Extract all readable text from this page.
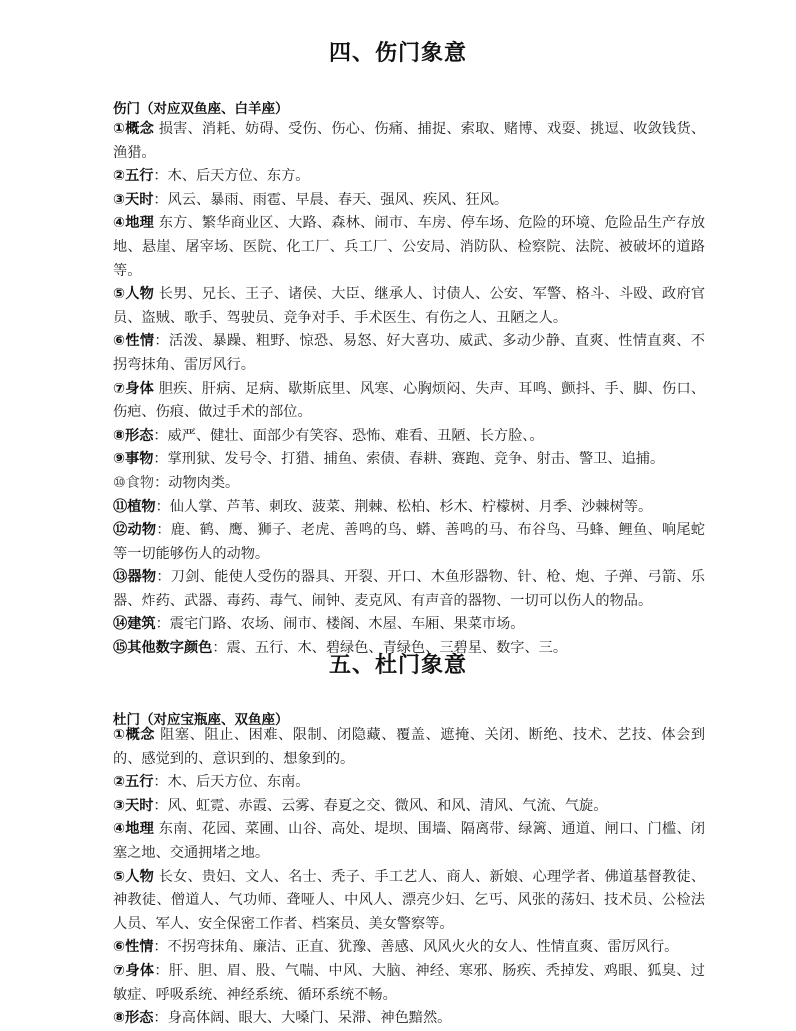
四、伤门象意
伤门（对应双鱼座、白羊座）
①概念 损害、消耗、妨碍、受伤、伤心、伤痛、捕捉、索取、赌博、戏耍、挑逗、收敛钱货、渔猎。
②五行：木、后天方位、东方。
③天时：风云、暴雨、雨雹、早晨、春天、强风、疾风、狂风。
④地理 东方、繁华商业区、大路、森林、闹市、车房、停车场、危险的环境、危险品生产存放地、悬崖、屠宰场、医院、化工厂、兵工厂、公安局、消防队、检察院、法院、被破坏的道路等。
⑤人物 长男、兄长、王子、诸侯、大臣、继承人、讨债人、公安、军警、格斗、斗殴、政府官员、盗贼、歌手、驾驶员、竞争对手、手术医生、有伤之人、丑陋之人。
⑥性情：活泼、暴躁、粗野、惊恐、易怒、好大喜功、威武、多动少静、直爽、性情直爽、不拐弯抹角、雷厉风行。
⑦身体 胆疾、肝病、足病、歇斯底里、风寒、心胸烦闷、失声、耳鸣、颤抖、手、脚、伤口、伤疤、伤痕、做过手术的部位。
⑧形态：威严、健壮、面部少有笑容、恐怖、难看、丑陋、长方脸、。
⑨事物：掌刑狱、发号令、打猎、捕鱼、索债、春耕、赛跑、竞争、射击、警卫、追捕。
⑩食物：动物肉类。
⑪植物：仙人掌、芦苇、刺玫、菠菜、荆棘、松柏、杉木、柠檬树、月季、沙棘树等。
⑫动物：鹿、鹤、鹰、狮子、老虎、善鸣的鸟、蟒、善鸣的马、布谷鸟、马蜂、鲤鱼、响尾蛇等一切能够伤人的动物。
⑬器物：刀剑、能使人受伤的器具、开裂、开口、木鱼形器物、针、枪、炮、子弹、弓箭、乐器、炸药、武器、毒药、毒气、闹钟、麦克风、有声音的器物、一切可以伤人的物品。
⑭建筑：震宅门路、农场、闹市、楼阁、木屋、车厢、果菜市场。
⑮其他数字颜色：震、五行、木、碧绿色、青绿色、三碧星、数字、三。
五、杜门象意
杜门（对应宝瓶座、双鱼座）
①概念 阻塞、阻止、困难、限制、闭隐藏、覆盖、遮掩、关闭、断绝、技术、艺技、体会到的、感觉到的、意识到的、想象到的。
②五行：木、后天方位、东南。
③天时：风、虹霓、赤霞、云雾、春夏之交、微风、和风、清风、气流、气旋。
④地理 东南、花园、菜圃、山谷、高处、堤坝、围墙、隔离带、绿篱、通道、闸口、门槛、闭塞之地、交通拥堵之地。
⑤人物 长女、贵妇、文人、名士、秃子、手工艺人、商人、新娘、心理学者、佛道基督教徒、神教徒、僧道人、气功师、聋哑人、中风人、漂亮少妇、乞丐、风张的荡妇、技术员、公检法人员、军人、安全保密工作者、档案员、美女警察等。
⑥性情：不拐弯抹角、廉洁、正直、犹豫、善感、风风火火的女人、性情直爽、雷厉风行。
⑦身体：肝、胆、眉、股、气喘、中风、大脑、神经、寒邪、肠疾、秃掉发、鸡眼、狐臭、过敏症、呼吸系统、神经系统、循环系统不畅。
⑧形态：身高体阔、眼大、大嗓门、呆滞、神色黯然。
